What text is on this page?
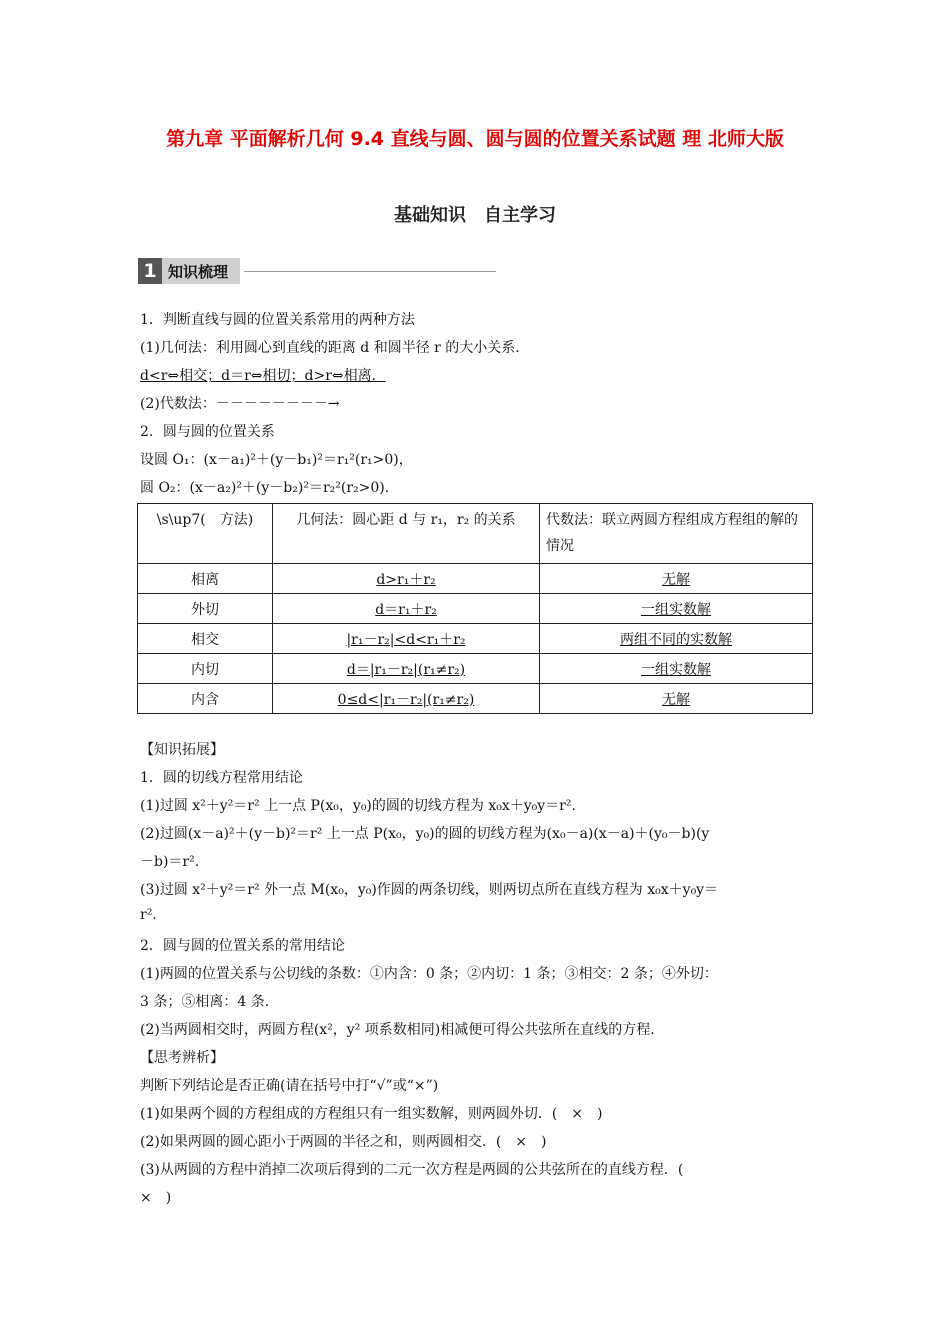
第九章 平面解析几何 9.4 直线与圆、圆与圆的位置关系试题 理 北师大版
基础知识　自主学习
1 知识梳理
1．判断直线与圆的位置关系常用的两种方法
(1)几何法：利用圆心到直线的距离 d 和圆半径 r 的大小关系．
d<r⇔相交；d＝r⇔相切；d>r⇔相离．
(2)代数法：－－－－－－－－→
2．圆与圆的位置关系
设圆 O₁：(x－a₁)²＋(y－b₁)²＝r₁²(r₁>0)，
圆 O₂：(x－a₂)²＋(y－b₂)²＝r₂²(r₂>0)．
\s\up7(　方法)	几何法：圆心距 d 与 r₁，r₂ 的关系	代数法：联立两圆方程组成方程组的解的情况
相离	d>r₁＋r₂	无解
外切	d＝r₁＋r₂	一组实数解
相交	|r₁－r₂|<d<r₁＋r₂	两组不同的实数解
内切	d＝|r₁－r₂|(r₁≠r₂)	一组实数解
内含	0≤d<|r₁－r₂|(r₁≠r₂)	无解
【知识拓展】
1．圆的切线方程常用结论
(1)过圆 x²＋y²＝r² 上一点 P(x₀，y₀)的圆的切线方程为 x₀x＋y₀y＝r².
(2)过圆(x－a)²＋(y－b)²＝r² 上一点 P(x₀，y₀)的圆的切线方程为(x₀－a)(x－a)＋(y₀－b)(y
－b)＝r².
(3)过圆 x²＋y²＝r² 外一点 M(x₀，y₀)作圆的两条切线，则两切点所在直线方程为 x₀x＋y₀y＝
r².
2．圆与圆的位置关系的常用结论
(1)两圆的位置关系与公切线的条数：①内含：0 条；②内切：1 条；③相交：2 条；④外切：
3 条；⑤相离：4 条．
(2)当两圆相交时，两圆方程(x²，y² 项系数相同)相减便可得公共弦所在直线的方程．
【思考辨析】
判断下列结论是否正确(请在括号中打“√”或“×”)
(1)如果两个圆的方程组成的方程组只有一组实数解，则两圆外切．(　×　)
(2)如果两圆的圆心距小于两圆的半径之和，则两圆相交．(　×　)
(3)从两圆的方程中消掉二次项后得到的二元一次方程是两圆的公共弦所在的直线方程．(
×　)
